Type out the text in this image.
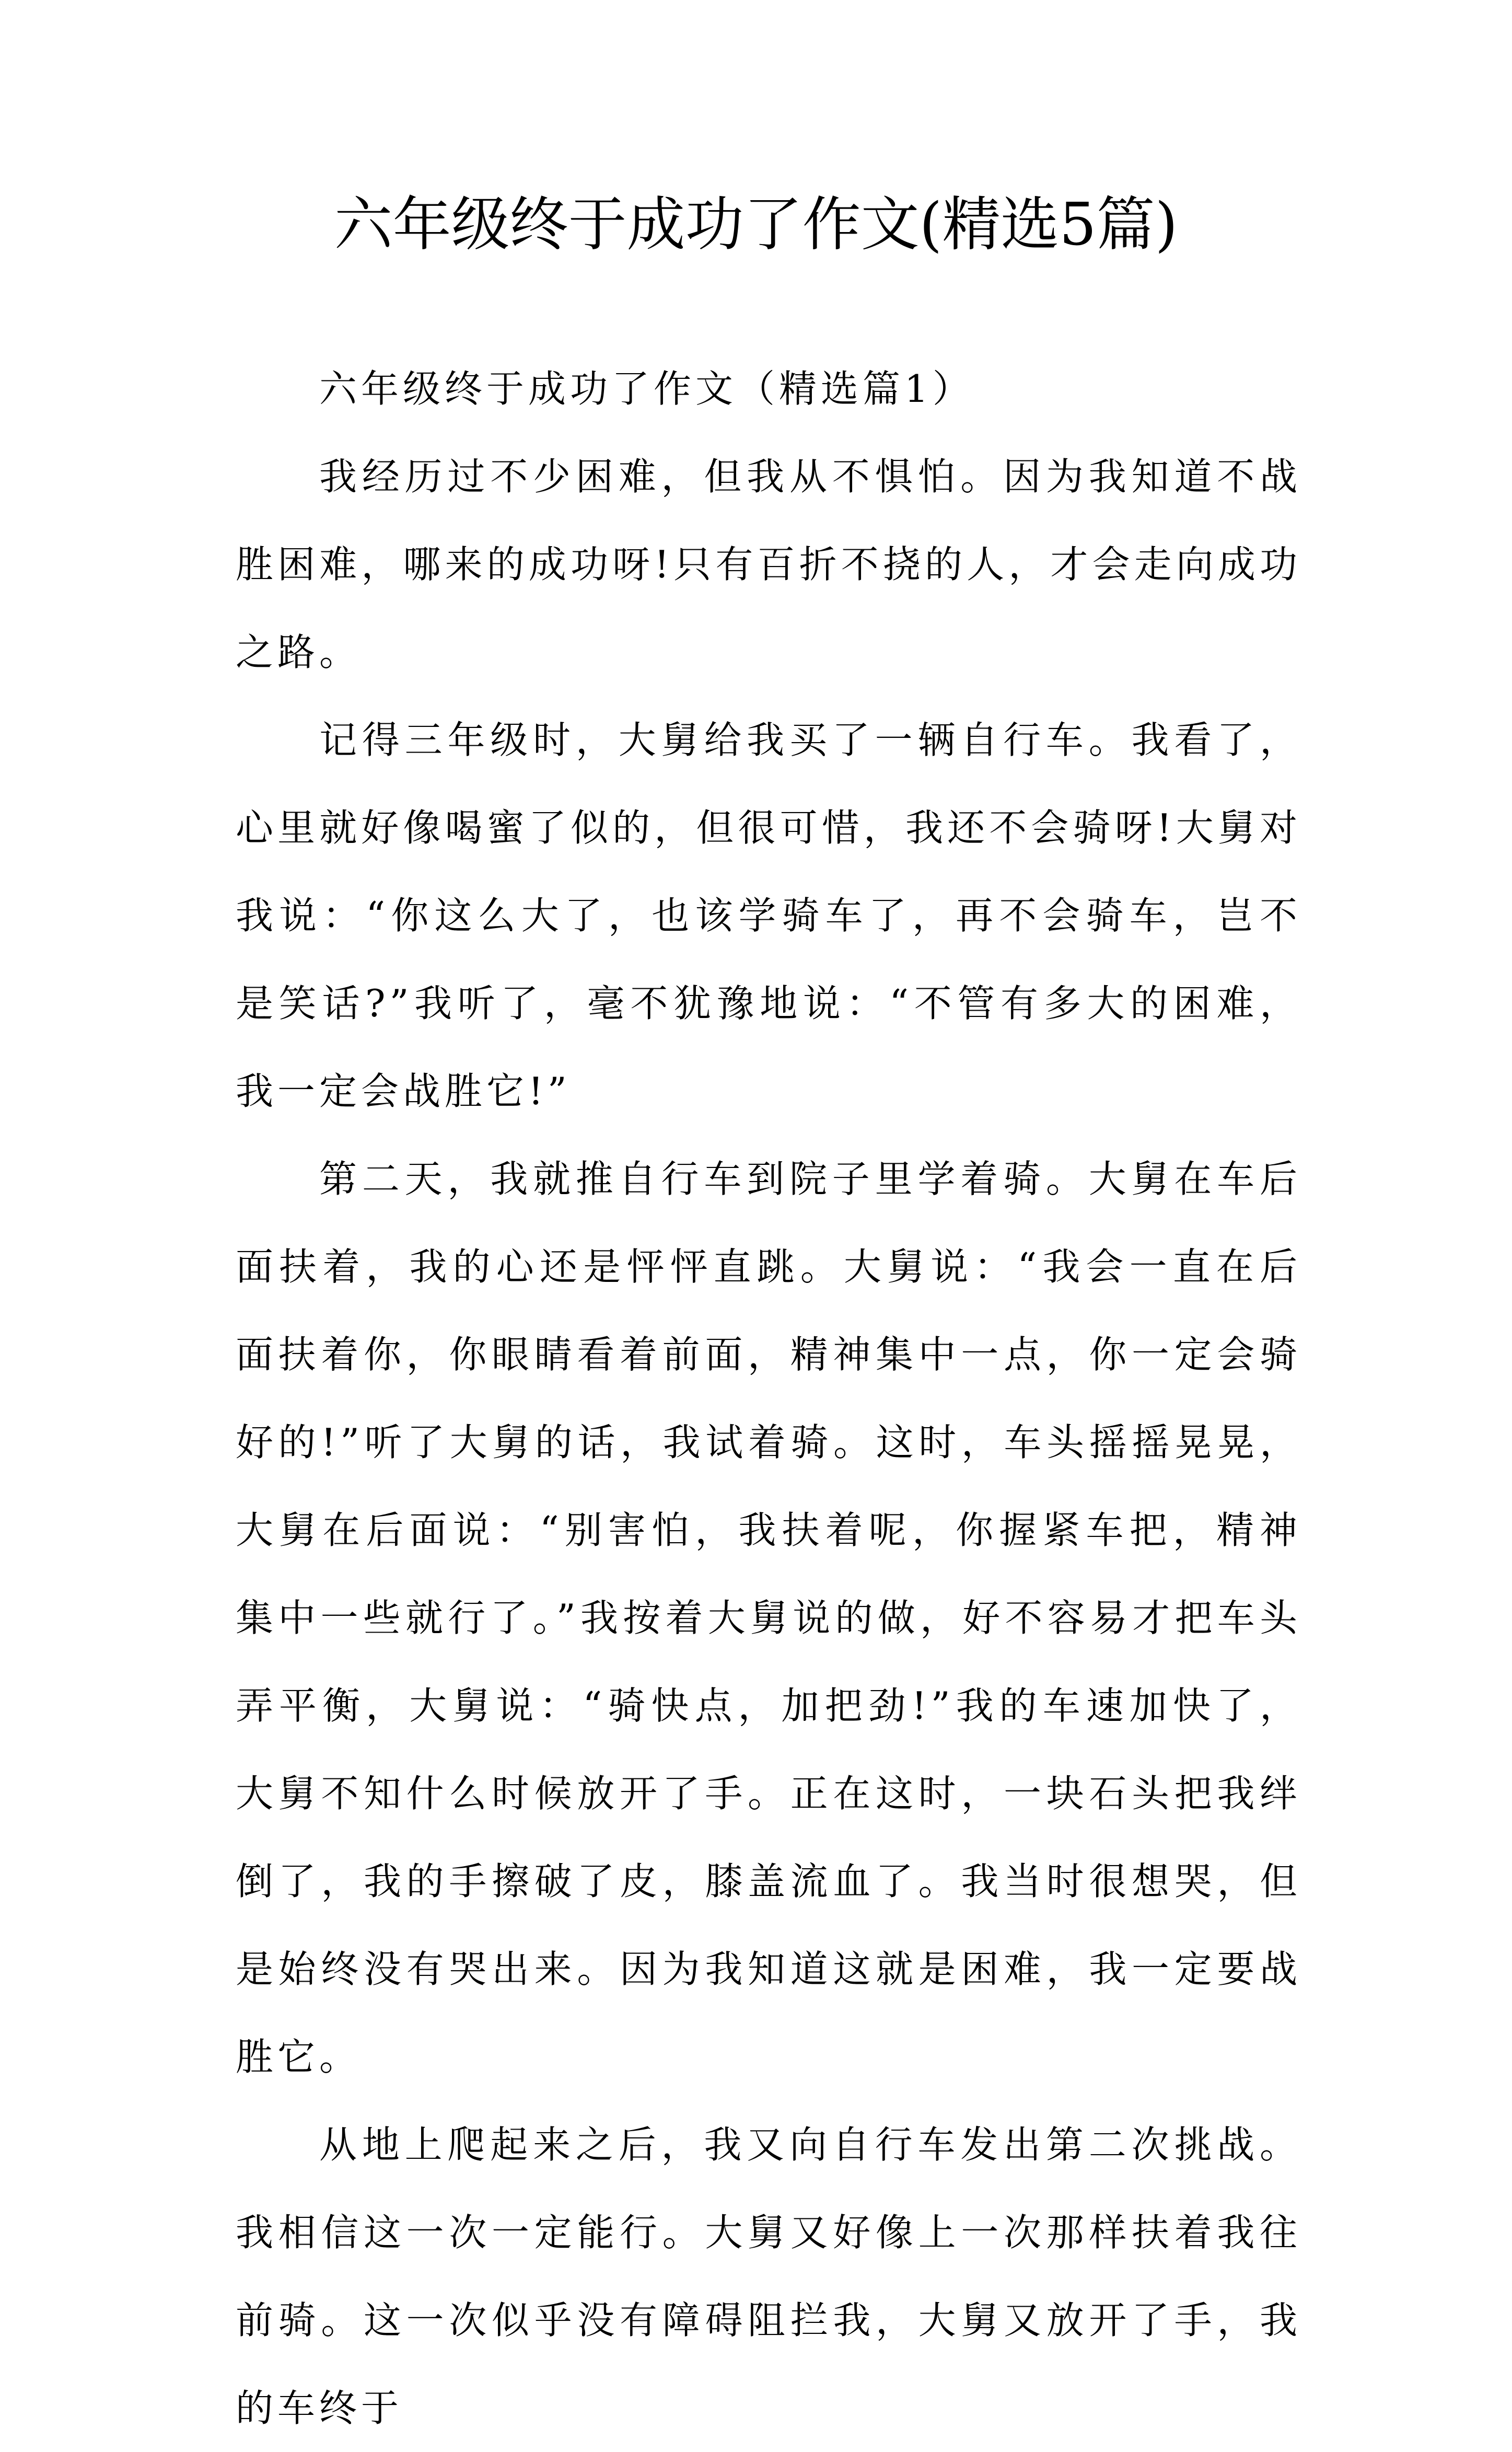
六年级终于成功了作文(精选5篇)

六年级终于成功了作文（精选篇1）

我经历过不少困难，但我从不惧怕。因为我知道不战胜困难，哪来的成功呀!只有百折不挠的人，才会走向成功之路。

记得三年级时，大舅给我买了一辆自行车。我看了，心里就好像喝蜜了似的，但很可惜，我还不会骑呀!大舅对我说：“你这么大了，也该学骑车了，再不会骑车，岂不是笑话?”我听了，毫不犹豫地说：“不管有多大的困难，我一定会战胜它!”

第二天，我就推自行车到院子里学着骑。大舅在车后面扶着，我的心还是怦怦直跳。大舅说：“我会一直在后面扶着你，你眼睛看着前面，精神集中一点，你一定会骑好的!”听了大舅的话，我试着骑。这时，车头摇摇晃晃，大舅在后面说：“别害怕，我扶着呢，你握紧车把，精神集中一些就行了。”我按着大舅说的做，好不容易才把车头弄平衡，大舅说：“骑快点，加把劲!”我的车速加快了，大舅不知什么时候放开了手。正在这时，一块石头把我绊倒了，我的手擦破了皮，膝盖流血了。我当时很想哭，但是始终没有哭出来。因为我知道这就是困难，我一定要战胜它。

从地上爬起来之后，我又向自行车发出第二次挑战。我相信这一次一定能行。大舅又好像上一次那样扶着我往前骑。这一次似乎没有障碍阻拦我，大舅又放开了手，我的车终于
